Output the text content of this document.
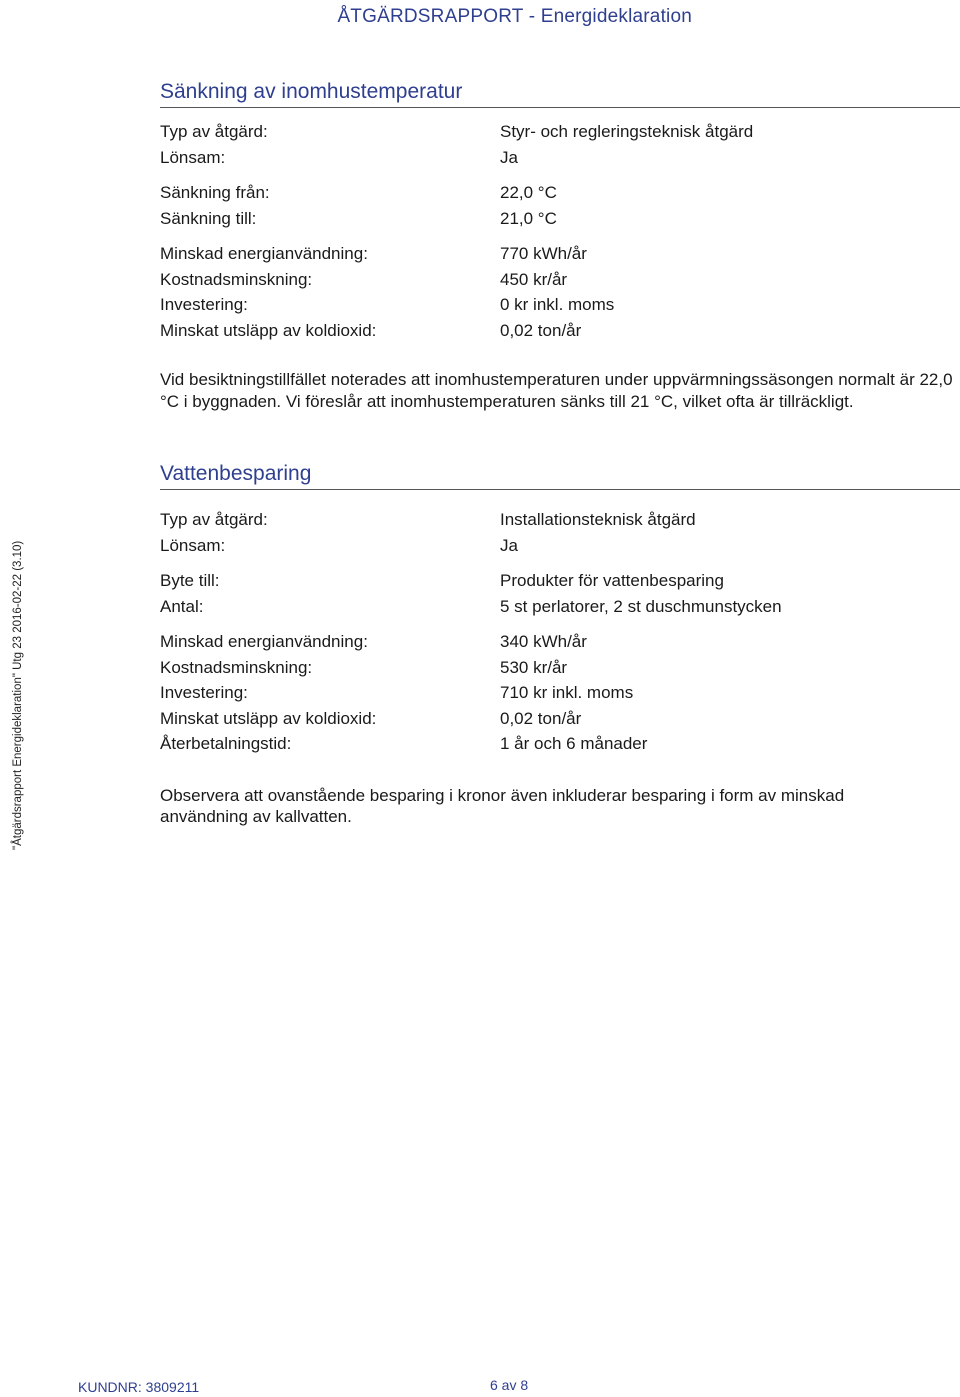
ÅTGÄRDSRAPPORT - Energideklaration
Sänkning av inomhustemperatur
Typ av åtgärd:	Styr- och regleringsteknisk åtgärd
Lönsam:	Ja
Sänkning från:	22,0 °C
Sänkning till:	21,0 °C
Minskad energianvändning:	770 kWh/år
Kostnadsminskning:	450 kr/år
Investering:	0 kr inkl. moms
Minskat utsläpp av koldioxid:	0,02 ton/år
Vid besiktningstillfället noterades att inomhustemperaturen under uppvärmningssäsongen normalt är 22,0 °C i byggnaden. Vi föreslår att inomhustemperaturen sänks till 21 °C, vilket ofta är tillräckligt.
Vattenbesparing
Typ av åtgärd:	Installationsteknisk åtgärd
Lönsam:	Ja
Byte till:	Produkter för vattenbesparing
Antal:	5 st perlatorer, 2 st duschmunstycken
Minskad energianvändning:	340 kWh/år
Kostnadsminskning:	530 kr/år
Investering:	710 kr inkl. moms
Minskat utsläpp av koldioxid:	0,02 ton/år
Återbetalningstid:	1 år och 6 månader
Observera att ovanstående besparing i kronor även inkluderar besparing i form av minskad användning av kallvatten.
"Åtgärdsrapport Energideklaration" Utg 23 2016-02-22 (3.10)
KUNDNR: 3809211	6 av 8
